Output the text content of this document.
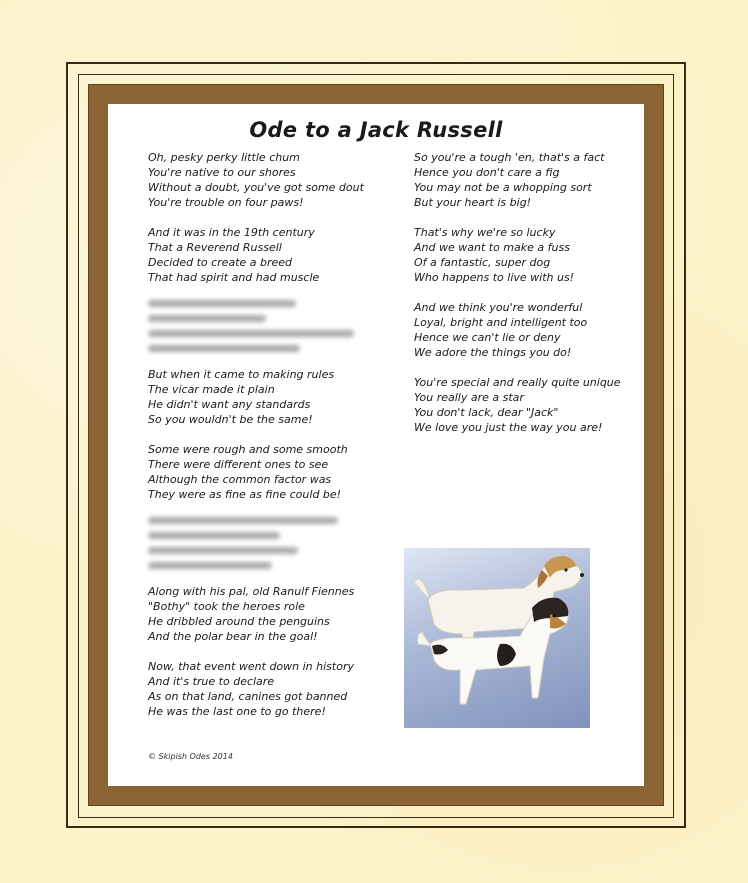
Ode to a Jack Russell
Oh, pesky perky little chum
You're native to our shores
Without a doubt, you've got some dout
You're trouble on four paws!
And it was in the 19th century
That a Reverend Russell
Decided to create a breed
That had spirit and had muscle
But when it came to making rules
The vicar made it plain
He didn't want any standards
So you wouldn't be the same!
Some were rough and some smooth
There were different ones to see
Although the common factor was
They were as fine as fine could be!
Along with his pal, old Ranulf Fiennes
"Bothy" took the heroes role
He dribbled around the penguins
And the polar bear in the goal!
Now, that event went down in history
And it's true to declare
As on that land, canines got banned
He was the last one to go there!
So you're a tough 'en, that's a fact
Hence you don't care a fig
You may not be a whopping sort
But your heart is big!
That's why we're so lucky
And we want to make a fuss
Of a fantastic, super dog
Who happens to live with us!
And we think you're wonderful
Loyal, bright and intelligent too
Hence we can't lie or deny
We adore the things you do!
You're special and really quite unique
You really are a star
You don't lack, dear "Jack"
We love you just the way you are!
© Skipish Odes 2014
